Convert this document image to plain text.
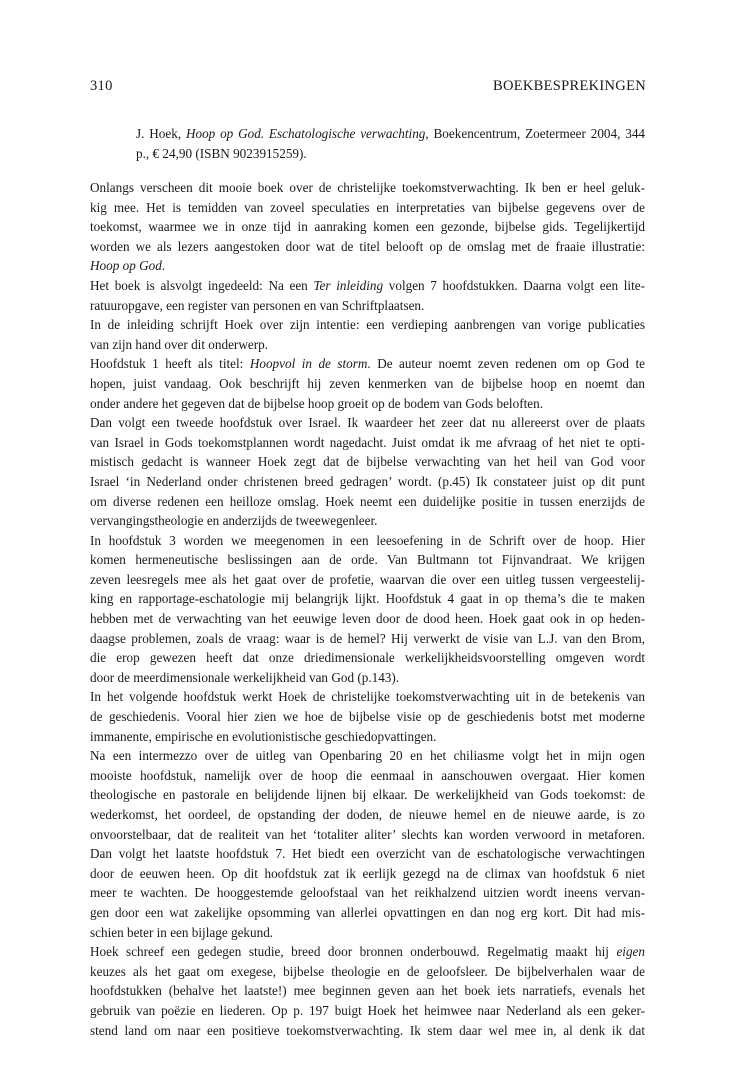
310	BOEKBESPREKINGEN
J. Hoek, Hoop op God. Eschatologische verwachting, Boekencentrum, Zoetermeer 2004, 344 p., € 24,90 (ISBN 9023915259).
Onlangs verscheen dit mooie boek over de christelijke toekomstverwachting. Ik ben er heel geluk-
kig mee. Het is temidden van zoveel speculaties en interpretaties van bijbelse gegevens over de
toekomst, waarmee we in onze tijd in aanraking komen een gezonde, bijbelse gids. Tegelijkertijd
worden we als lezers aangestoken door wat de titel belooft op de omslag met de fraaie illustratie:
Hoop op God.
Het boek is alsvolgt ingedeeld: Na een Ter inleiding volgen 7 hoofdstukken. Daarna volgt een lite-
ratuuropgave, een register van personen en van Schriftplaatsen.
In de inleiding schrijft Hoek over zijn intentie: een verdieping aanbrengen van vorige publicaties
van zijn hand over dit onderwerp.
Hoofdstuk 1 heeft als titel: Hoopvol in de storm. De auteur noemt zeven redenen om op God te
hopen, juist vandaag. Ook beschrijft hij zeven kenmerken van de bijbelse hoop en noemt dan
onder andere het gegeven dat de bijbelse hoop groeit op de bodem van Gods beloften.
Dan volgt een tweede hoofdstuk over Israel. Ik waardeer het zeer dat nu allereerst over de plaats
van Israel in Gods toekomstplannen wordt nagedacht. Juist omdat ik me afvraag of het niet te opti-
mistisch gedacht is wanneer Hoek zegt dat de bijbelse verwachting van het heil van God voor
Israel ‘in Nederland onder christenen breed gedragen’ wordt. (p.45) Ik constateer juist op dit punt
om diverse redenen een heilloze omslag. Hoek neemt een duidelijke positie in tussen enerzijds de
vervangingstheologie en anderzijds de tweewegenleer.
In hoofdstuk 3 worden we meegenomen in een leesoefening in de Schrift over de hoop. Hier
komen hermeneutische beslissingen aan de orde. Van Bultmann tot Fijnvandraat. We krijgen
zeven leesregels mee als het gaat over de profetie, waarvan die over een uitleg tussen vergeestelij-
king en rapportage-eschatologie mij belangrijk lijkt. Hoofdstuk 4 gaat in op thema’s die te maken
hebben met de verwachting van het eeuwige leven door de dood heen. Hoek gaat ook in op heden-
daagse problemen, zoals de vraag: waar is de hemel? Hij verwerkt de visie van L.J. van den Brom,
die erop gewezen heeft dat onze driedimensionale werkelijkheidsvoorstelling omgeven wordt
door de meerdimensionale werkelijkheid van God (p.143).
In het volgende hoofdstuk werkt Hoek de christelijke toekomstverwachting uit in de betekenis van
de geschiedenis. Vooral hier zien we hoe de bijbelse visie op de geschiedenis botst met moderne
immanente, empirische en evolutionistische geschiedopvattingen.
Na een intermezzo over de uitleg van Openbaring 20 en het chiliasme volgt het in mijn ogen
mooiste hoofdstuk, namelijk over de hoop die eenmaal in aanschouwen overgaat. Hier komen
theologische en pastorale en belijdende lijnen bij elkaar. De werkelijkheid van Gods toekomst: de
wederkomst, het oordeel, de opstanding der doden, de nieuwe hemel en de nieuwe aarde, is zo
onvoorstelbaar, dat de realiteit van het ‘totaliter aliter’ slechts kan worden verwoord in metaforen.
Dan volgt het laatste hoofdstuk 7. Het biedt een overzicht van de eschatologische verwachtingen
door de eeuwen heen. Op dit hoofdstuk zat ik eerlijk gezegd na de climax van hoofdstuk 6 niet
meer te wachten. De hooggestemde geloofstaal van het reikhalzend uitzien wordt ineens vervan-
gen door een wat zakelijke opsomming van allerlei opvattingen en dan nog erg kort. Dit had mis-
schien beter in een bijlage gekund.
Hoek schreef een gedegen studie, breed door bronnen onderbouwd. Regelmatig maakt hij eigen
keuzes als het gaat om exegese, bijbelse theologie en de geloofsleer. De bijbelverhalen waar de
hoofdstukken (behalve het laatste!) mee beginnen geven aan het boek iets narratiefs, evenals het
gebruik van poëzie en liederen. Op p. 197 buigt Hoek het heimwee naar Nederland als een geker-
stend land om naar een positieve toekomstverwachting. Ik stem daar wel mee in, al denk ik dat
